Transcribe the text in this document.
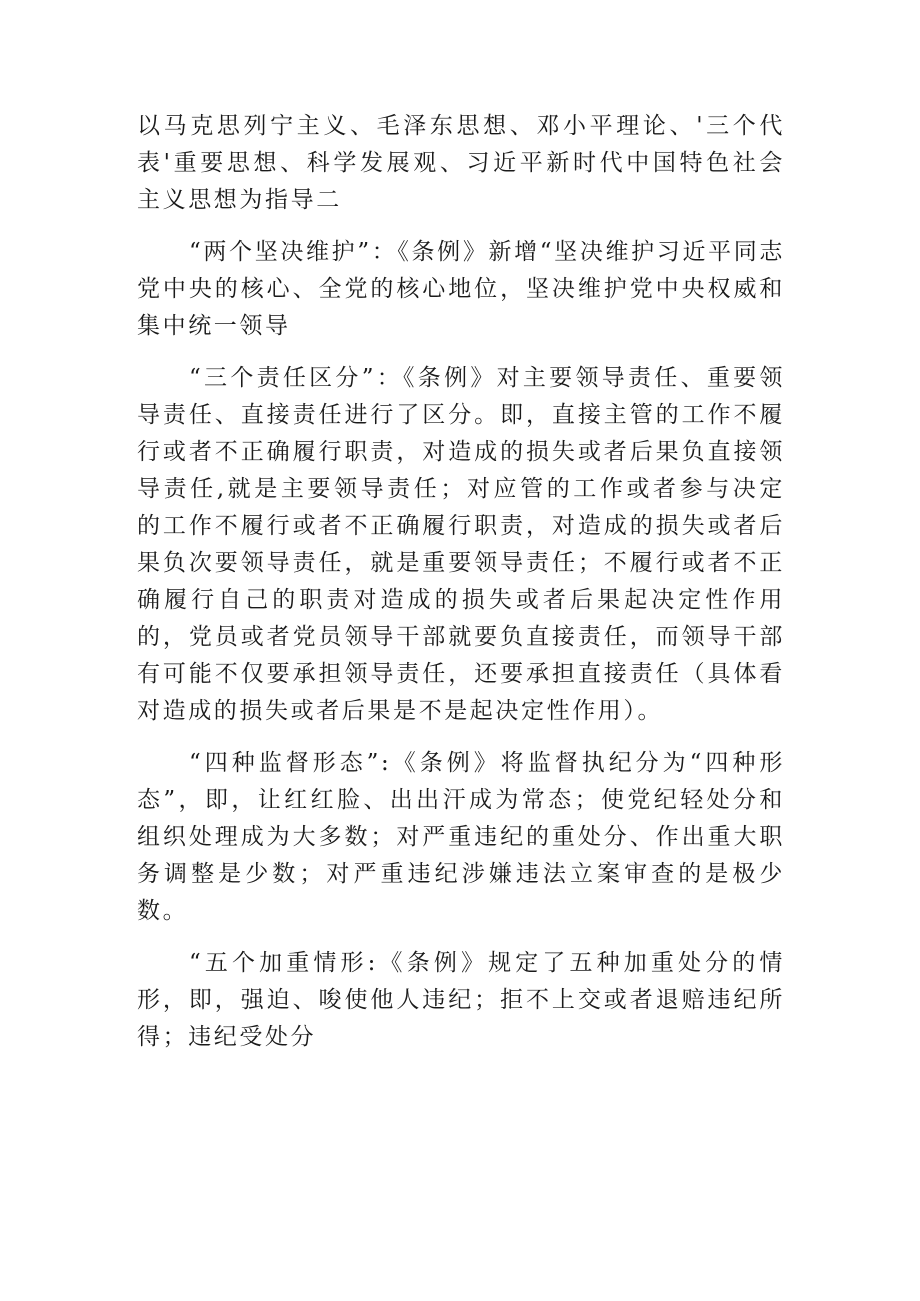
以马克思列宁主义、毛泽东思想、邓小平理论、'三个代表'重要思想、科学发展观、习近平新时代中国特色社会主义思想为指导二

“两个坚决维护”：《条例》新增“坚决维护习近平同志党中央的核心、全党的核心地位，坚决维护党中央权威和集中统一领导

“三个责任区分”：《条例》对主要领导责任、重要领导责任、直接责任进行了区分。即，直接主管的工作不履行或者不正确履行职责，对造成的损失或者后果负直接领导责任,就是主要领导责任；对应管的工作或者参与决定的工作不履行或者不正确履行职责，对造成的损失或者后果负次要领导责任，就是重要领导责任；不履行或者不正确履行自己的职责对造成的损失或者后果起决定性作用的，党员或者党员领导干部就要负直接责任，而领导干部有可能不仅要承担领导责任，还要承担直接责任（具体看对造成的损失或者后果是不是起决定性作用）。

“四种监督形态”:《条例》将监督执纪分为“四种形态”，即，让红红脸、出出汗成为常态；使党纪轻处分和组织处理成为大多数；对严重违纪的重处分、作出重大职务调整是少数；对严重违纪涉嫌违法立案审查的是极少数。

“五个加重情形:《条例》规定了五种加重处分的情形，即，强迫、唆使他人违纪；拒不上交或者退赔违纪所得；违纪受处分
